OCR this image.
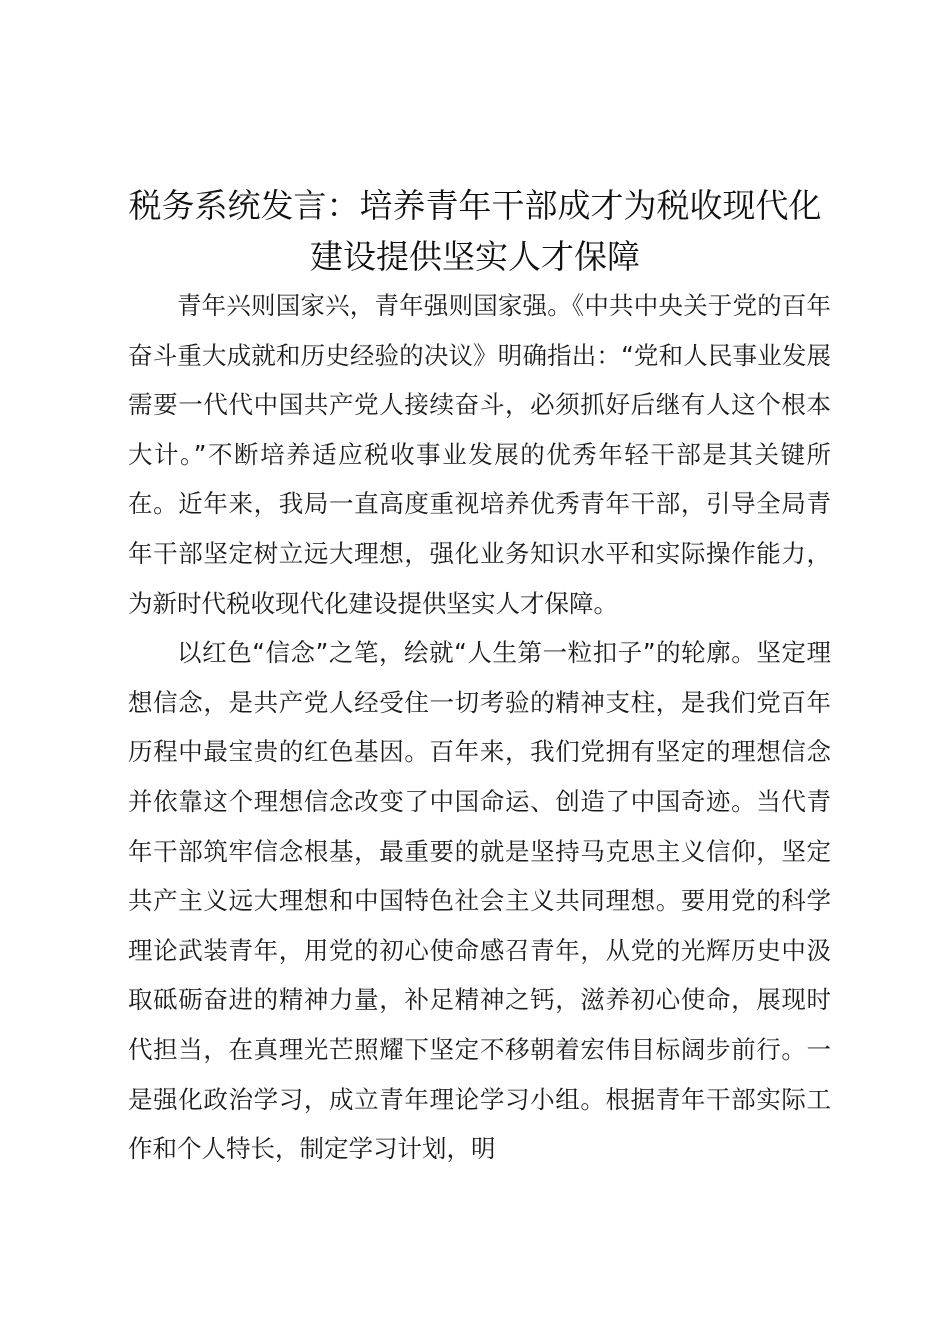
税务系统发言：培养青年干部成才为税收现代化建设提供坚实人才保障

青年兴则国家兴，青年强则国家强。《中共中央关于党的百年奋斗重大成就和历史经验的决议》明确指出：“党和人民事业发展需要一代代中国共产党人接续奋斗，必须抓好后继有人这个根本大计。”不断培养适应税收事业发展的优秀年轻干部是其关键所在。近年来，我局一直高度重视培养优秀青年干部，引导全局青年干部坚定树立远大理想，强化业务知识水平和实际操作能力，为新时代税收现代化建设提供坚实人才保障。

以红色“信念”之笔，绘就“人生第一粒扣子”的轮廓。坚定理想信念，是共产党人经受住一切考验的精神支柱，是我们党百年历程中最宝贵的红色基因。百年来，我们党拥有坚定的理想信念并依靠这个理想信念改变了中国命运、创造了中国奇迹。当代青年干部筑牢信念根基，最重要的就是坚持马克思主义信仰，坚定共产主义远大理想和中国特色社会主义共同理想。要用党的科学理论武装青年，用党的初心使命感召青年，从党的光辉历史中汲取砥砺奋进的精神力量，补足精神之钙，滋养初心使命，展现时代担当，在真理光芒照耀下坚定不移朝着宏伟目标阔步前行。一是强化政治学习，成立青年理论学习小组。根据青年干部实际工作和个人特长，制定学习计划，明
